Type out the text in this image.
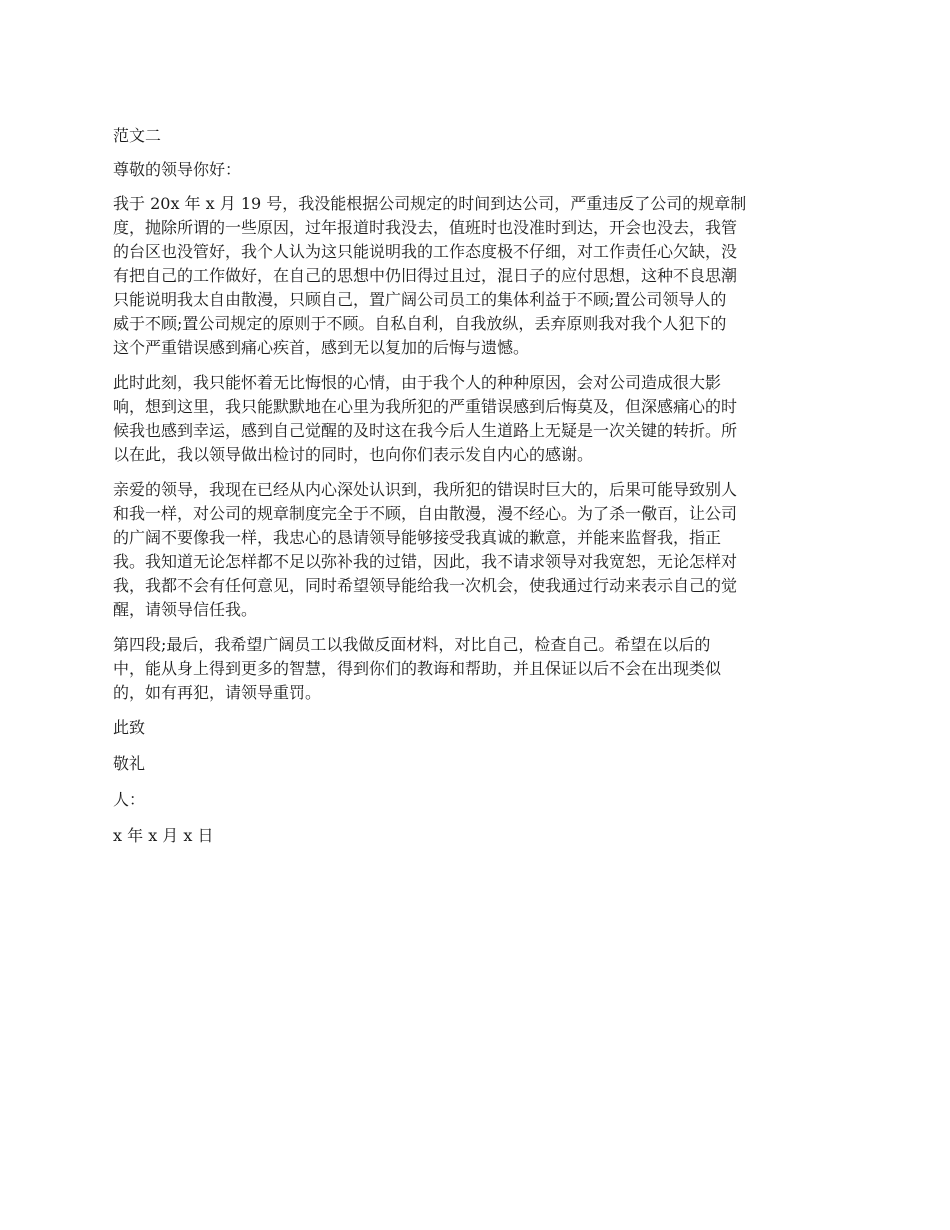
范文二
尊敬的领导你好：
我于 20x 年 x 月 19 号，我没能根据公司规定的时间到达公司，严重违反了公司的规章制
度，抛除所谓的一些原因，过年报道时我没去，值班时也没准时到达，开会也没去，我管
的台区也没管好，我个人认为这只能说明我的工作态度极不仔细，对工作责任心欠缺，没
有把自己的工作做好，在自己的思想中仍旧得过且过，混日子的应付思想，这种不良思潮
只能说明我太自由散漫，只顾自己，置广阔公司员工的集体利益于不顾;置公司领导人的
威于不顾;置公司规定的原则于不顾。自私自利，自我放纵，丢弃原则我对我个人犯下的
这个严重错误感到痛心疾首，感到无以复加的后悔与遗憾。
此时此刻，我只能怀着无比悔恨的心情，由于我个人的种种原因，会对公司造成很大影
响，想到这里，我只能默默地在心里为我所犯的严重错误感到后悔莫及，但深感痛心的时
候我也感到幸运，感到自己觉醒的及时这在我今后人生道路上无疑是一次关键的转折。所
以在此，我以领导做出检讨的同时，也向你们表示发自内心的感谢。
亲爱的领导，我现在已经从内心深处认识到，我所犯的错误时巨大的，后果可能导致别人
和我一样，对公司的规章制度完全于不顾，自由散漫，漫不经心。为了杀一儆百，让公司
的广阔不要像我一样，我忠心的恳请领导能够接受我真诚的歉意，并能来监督我，指正
我。我知道无论怎样都不足以弥补我的过错，因此，我不请求领导对我宽恕，无论怎样对
我，我都不会有任何意见，同时希望领导能给我一次机会，使我通过行动来表示自己的觉
醒，请领导信任我。
第四段;最后，我希望广阔员工以我做反面材料，对比自己，检查自己。希望在以后的
中，能从身上得到更多的智慧，得到你们的教诲和帮助，并且保证以后不会在出现类似
的，如有再犯，请领导重罚。
此致
敬礼
人：
x 年 x 月 x 日
